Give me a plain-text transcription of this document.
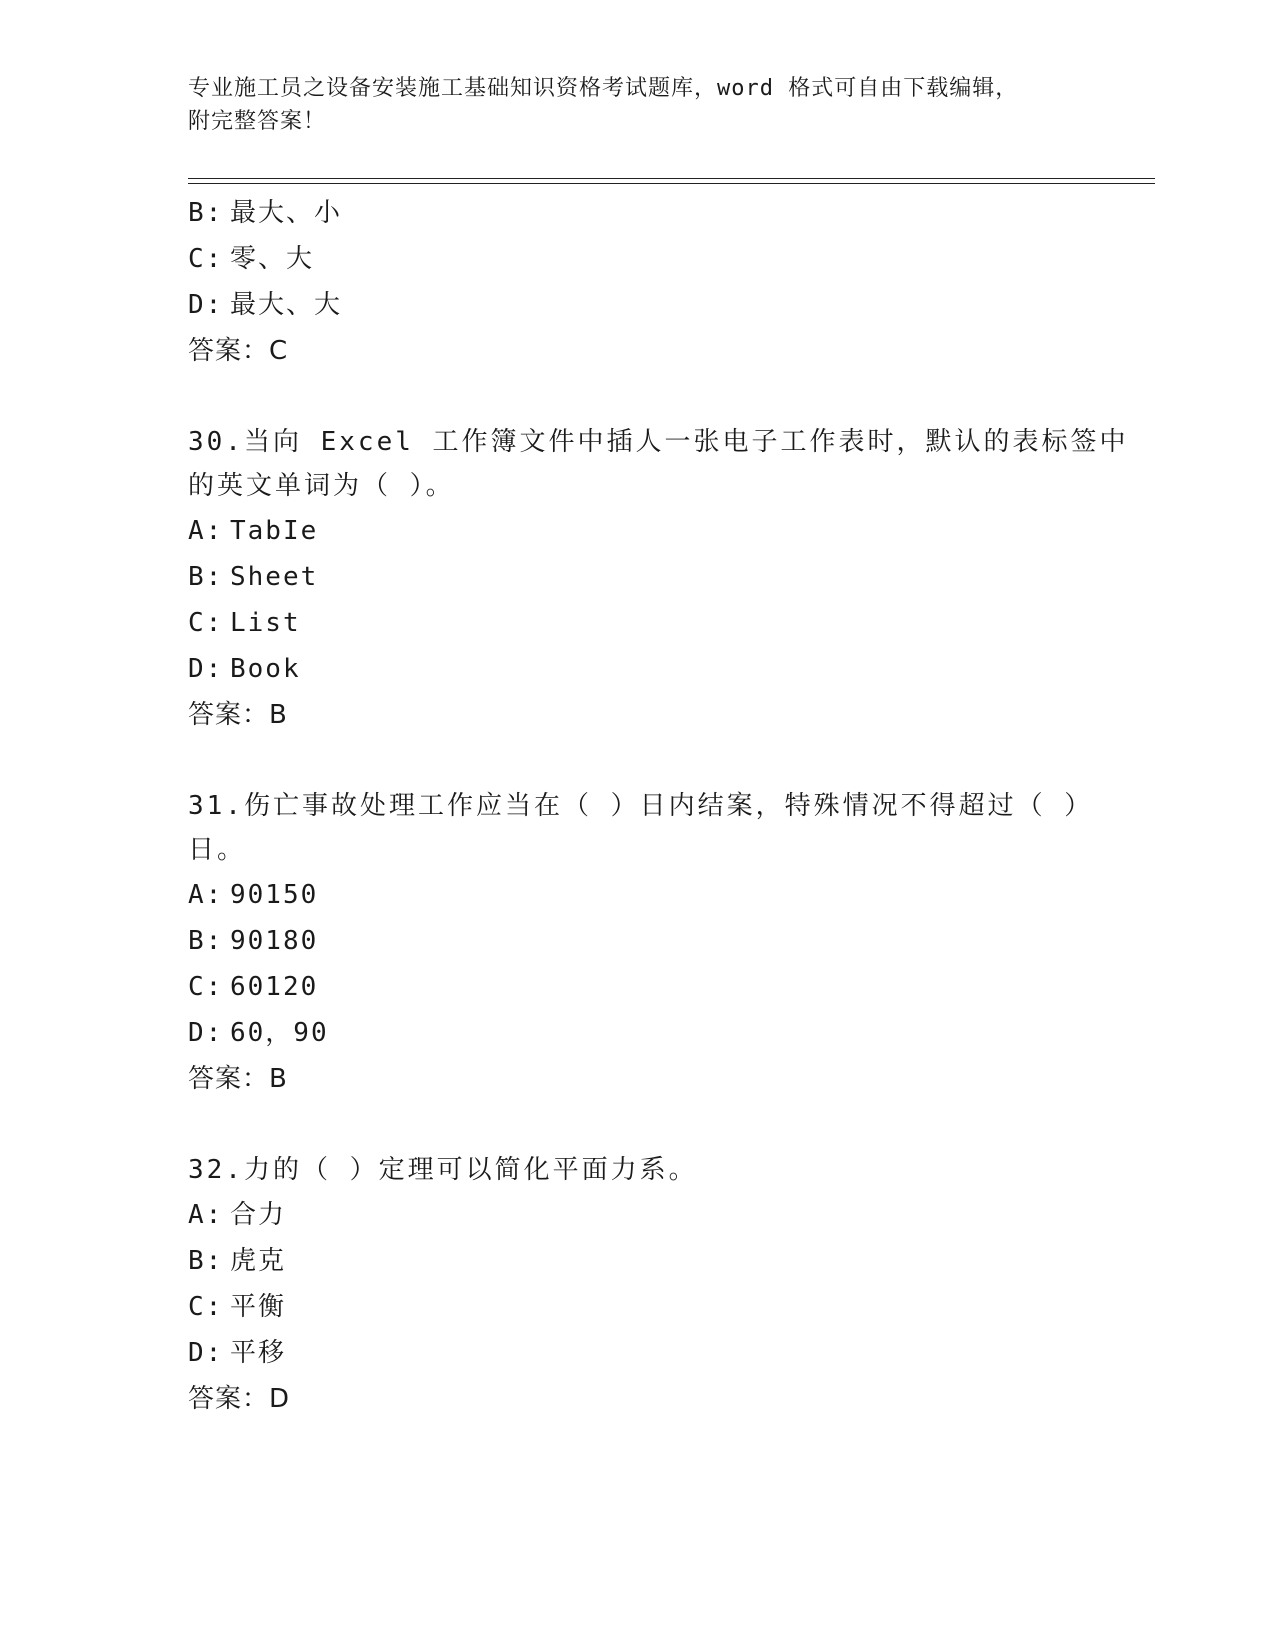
专业施工员之设备安装施工基础知识资格考试题库，word 格式可自由下载编辑，
附完整答案！
B: 最大、小
C: 零、大
D: 最大、大
答案：C
30.当向 Excel 工作簿文件中插人一张电子工作表时，默认的表标签中
的英文单词为（ ）。
A: TabIe
B: Sheet
C: List
D: Book
答案：B
31.伤亡事故处理工作应当在（ ）日内结案，特殊情况不得超过（ ）
日。
A: 90150
B: 90180
C: 60120
D: 60，90
答案：B
32.力的（ ）定理可以简化平面力系。
A: 合力
B: 虎克
C: 平衡
D: 平移
答案：D
